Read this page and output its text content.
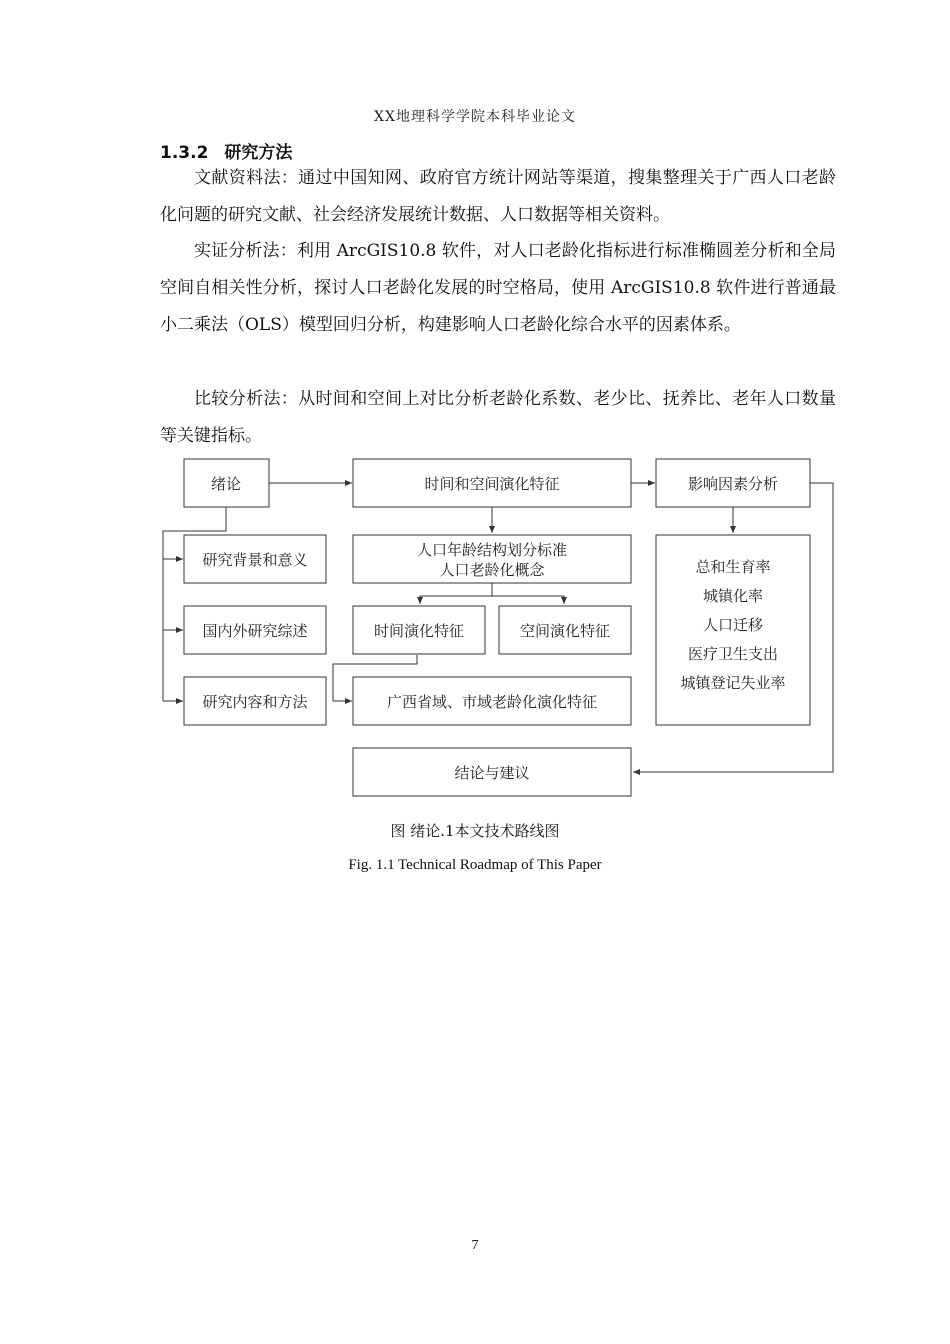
XX地理科学学院本科毕业论文
1.3.2 研究方法

文献资料法：通过中国知网、政府官方统计网站等渠道，搜集整理关于广西人口老龄化问题的研究文献、社会经济发展统计数据、人口数据等相关资料。

实证分析法：利用 ArcGIS10.8 软件，对人口老龄化指标进行标准椭圆差分析和全局空间自相关性分析，探讨人口老龄化发展的时空格局，使用 ArcGIS10.8 软件进行普通最小二乘法（OLS）模型回归分析，构建影响人口老龄化综合水平的因素体系。

比较分析法：从时间和空间上对比分析老龄化系数、老少比、抚养比、老年人口数量等关键指标。

绪论
研究背景和意义
国内外研究综述
研究内容和方法
时间和空间演化特征
人口年龄结构划分标准
人口老龄化概念
时间演化特征	空间演化特征
广西省域、市域老龄化演化特征
影响因素分析
总和生育率
城镇化率
人口迁移
医疗卫生支出
城镇登记失业率
结论与建议
图 绪论.1本文技术路线图
Fig. 1.1 Technical Roadmap of This Paper
7
